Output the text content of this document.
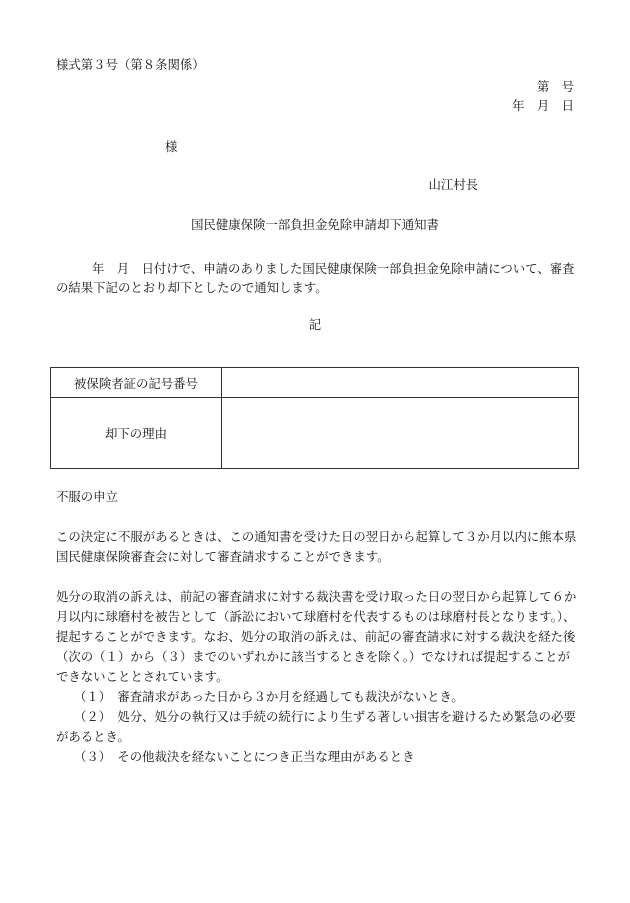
様式第３号（第８条関係）
第　号
年　月　日
様
山江村長
国民健康保険一部負担金免除申請却下通知書

年　月　日付けで、申請のありました国民健康保険一部負担金免除申請について、審査の結果下記のとおり却下としたので通知します。

記
被保険者証の記号番号	
却下の理由	

不服の申立

この決定に不服があるときは、この通知書を受けた日の翌日から起算して３か月以内に熊本県国民健康保険審査会に対して審査請求することができます。

処分の取消の訴えは、前記の審査請求に対する裁決書を受け取った日の翌日から起算して６か月以内に球磨村を被告として（訴訟において球磨村を代表するものは球磨村長となります。）、提起することができます。なお、処分の取消の訴えは、前記の審査請求に対する裁決を経た後（次の（１）から（３）までのいずれかに該当するときを除く。）でなければ提起することができないこととされています。

（１）　審査請求があった日から３か月を経過しても裁決がないとき。

（２）　処分、処分の執行又は手続の続行により生ずる著しい損害を避けるため緊急の必要があるとき。

（３）　その他裁決を経ないことにつき正当な理由があるとき
